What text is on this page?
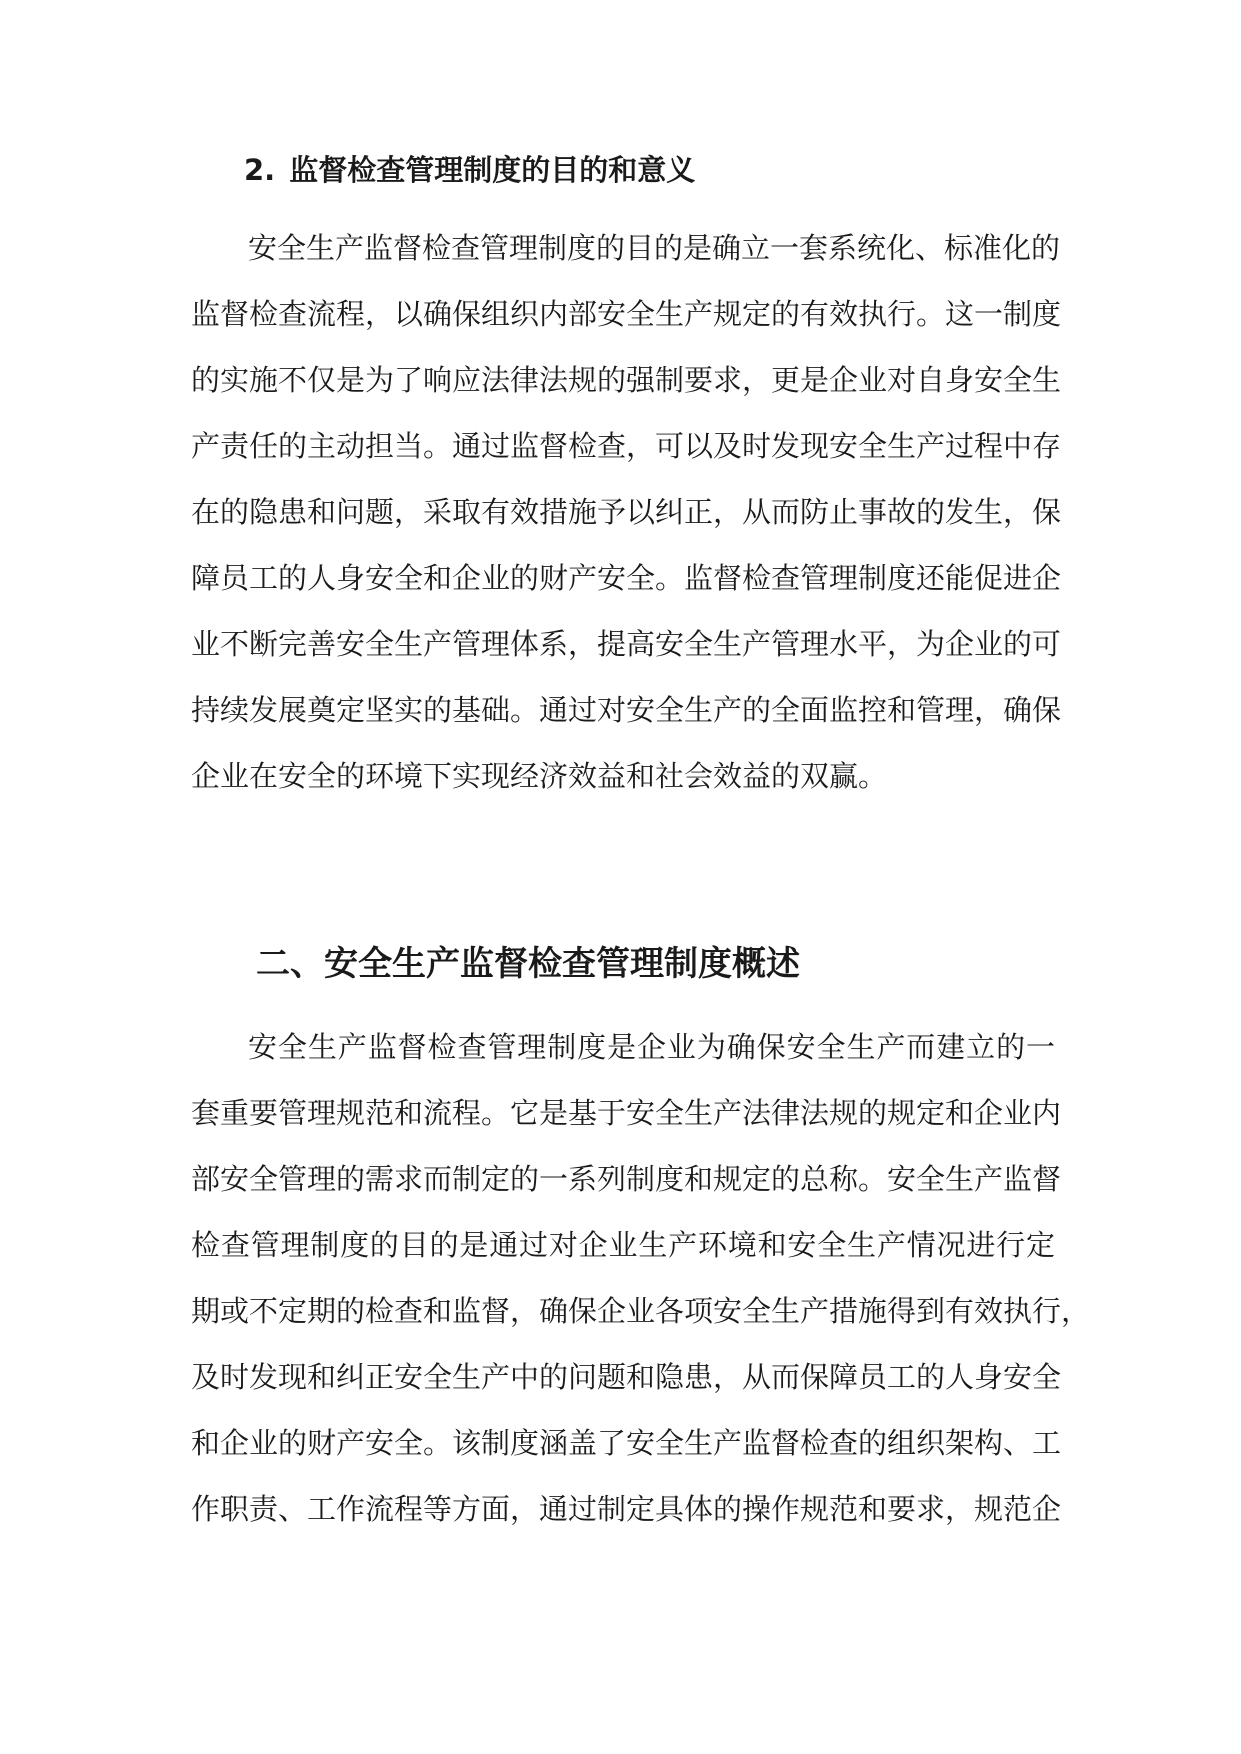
2. 监督检查管理制度的目的和意义
安全生产监督检查管理制度的目的是确立一套系统化、标准化的
监督检查流程，以确保组织内部安全生产规定的有效执行。这一制度
的实施不仅是为了响应法律法规的强制要求，更是企业对自身安全生
产责任的主动担当。通过监督检查，可以及时发现安全生产过程中存
在的隐患和问题，采取有效措施予以纠正，从而防止事故的发生，保
障员工的人身安全和企业的财产安全。监督检查管理制度还能促进企
业不断完善安全生产管理体系，提高安全生产管理水平，为企业的可
持续发展奠定坚实的基础。通过对安全生产的全面监控和管理，确保
企业在安全的环境下实现经济效益和社会效益的双赢。
二、安全生产监督检查管理制度概述
安全生产监督检查管理制度是企业为确保安全生产而建立的一
套重要管理规范和流程。它是基于安全生产法律法规的规定和企业内
部安全管理的需求而制定的一系列制度和规定的总称。安全生产监督
检查管理制度的目的是通过对企业生产环境和安全生产情况进行定
期或不定期的检查和监督，确保企业各项安全生产措施得到有效执行，
及时发现和纠正安全生产中的问题和隐患，从而保障员工的人身安全
和企业的财产安全。该制度涵盖了安全生产监督检查的组织架构、工
作职责、工作流程等方面，通过制定具体的操作规范和要求，规范企
